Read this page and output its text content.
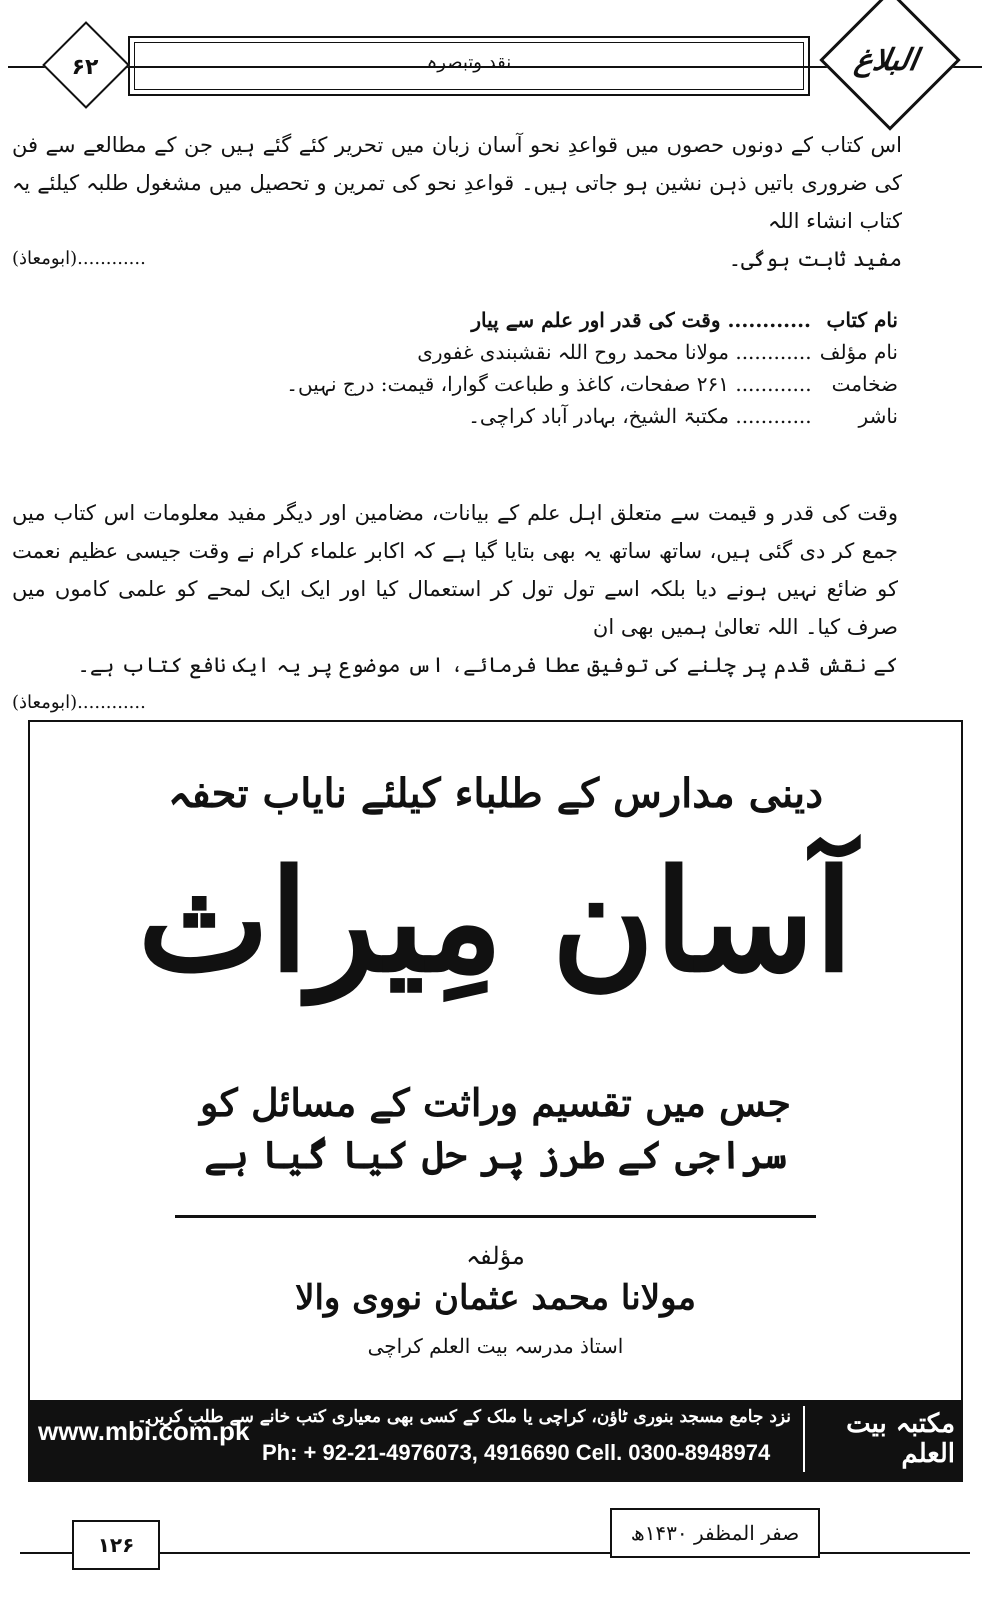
نقد وتبصرہ
۶۲	البلاغ
اس کتاب کے دونوں حصوں میں قواعدِ نحو آسان زبان میں تحریر کئے گئے ہیں جن کے مطالعے سے فن کی ضروری باتیں ذہن نشین ہو جاتی ہیں۔ قواعدِ نحو کی تمرین و تحصیل میں مشغول طلبہ کیلئے یہ کتاب انشاء اللہ
مفید ثابت ہوگی۔
............(ابومعاذ)
نام کتاب ............ وقت کی قدر اور علم سے پیار
نام مؤلف ............ مولانا محمد روح اللہ نقشبندی غفوری
ضخامت ............ ۲۶۱ صفحات، کاغذ و طباعت گوارا، قیمت: درج نہیں۔
ناشر ............ مکتبۃ الشیخ، بہادر آباد کراچی۔
وقت کی قدر و قیمت سے متعلق اہل علم کے بیانات، مضامین اور دیگر مفید معلومات اس کتاب میں جمع کر دی گئی ہیں، ساتھ ساتھ یہ بھی بتایا گیا ہے کہ اکابر علماء کرام نے وقت جیسی عظیم نعمت کو ضائع نہیں ہونے دیا بلکہ اسے تول تول کر استعمال کیا اور ایک ایک لمحے کو علمی کاموں میں صرف کیا۔ اللہ تعالیٰ ہمیں بھی ان
کے نقش قدم پر چلنے کی توفیق عطا فرمائے، اس موضوع پر یہ ایک نافع کتاب ہے۔
............(ابومعاذ)
دینی مدارس کے طلباء کیلئے نایاب تحفہ
آسان مِیراث
جس میں تقسیم وراثت کے مسائل کو
سراجی کے طرز پر حل کیا گیا ہے
مؤلفہ
مولانا محمد عثمان نووی والا
استاذ مدرسہ بیت العلم کراچی
مکتبہ بیت العلم
نزد جامع مسجد بنوری ٹاؤن، کراچی یا ملک کے کسی بھی معیاری کتب خانے سے طلب کریں۔
Ph: + 92-21-4976073, 4916690 Cell. 0300-8948974
www.mbi.com.pk
۱۲۶	صفر المظفر ۱۴۳۰ھ
